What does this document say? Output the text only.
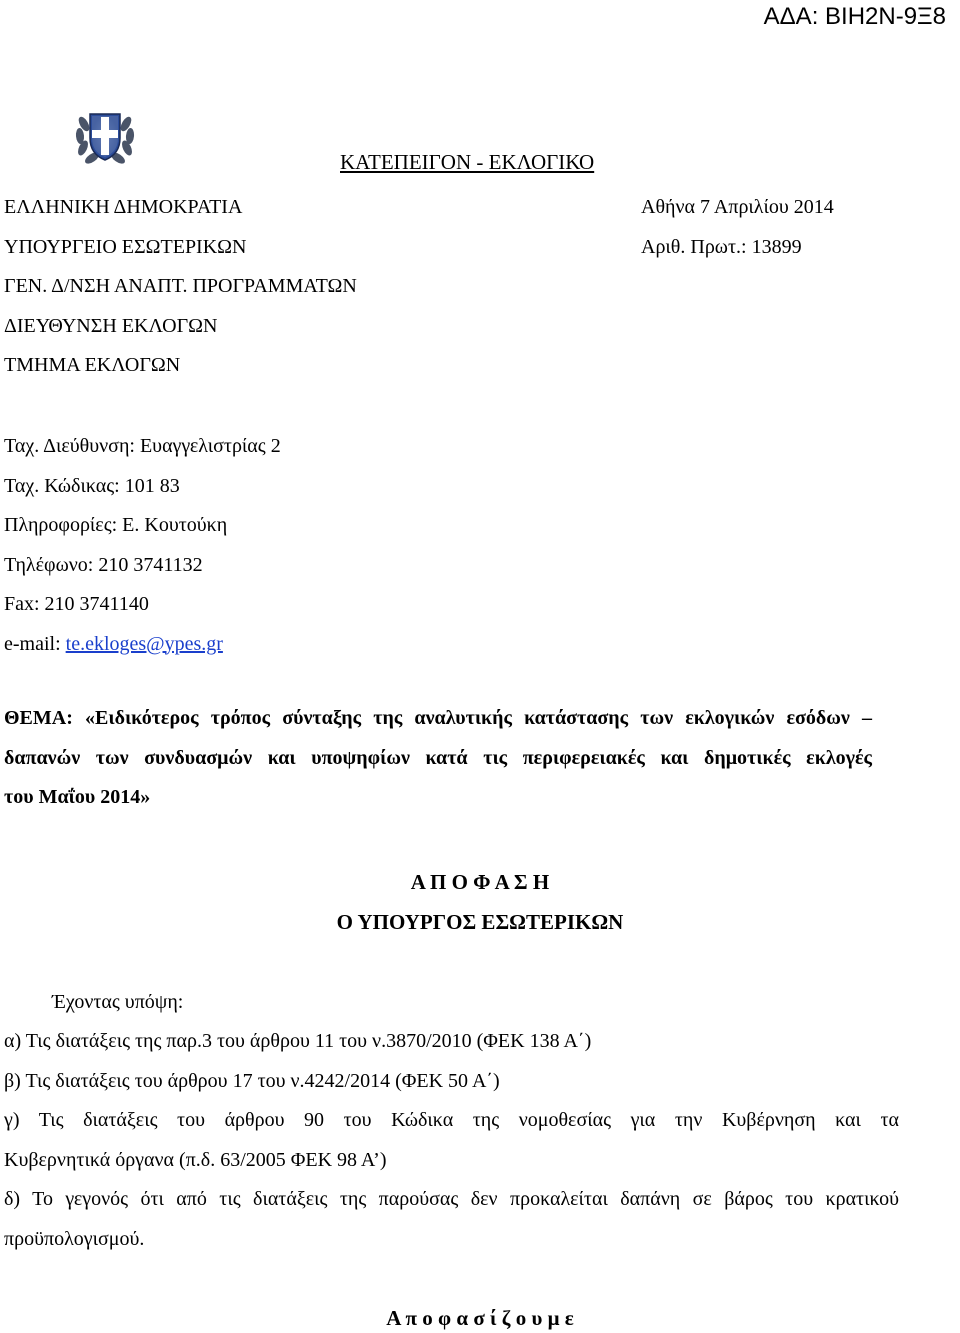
ΑΔΑ: ΒΙΗ2Ν-9Ξ8
ΚΑΤΕΠΕΙΓΟΝ - ΕΚΛΟΓΙΚΟ
ΕΛΛΗΝΙΚΗ ΔΗΜΟΚΡΑΤΙΑ
ΥΠΟΥΡΓΕΙΟ ΕΣΩΤΕΡΙΚΩΝ
ΓΕΝ. Δ/ΝΣΗ ΑΝΑΠΤ. ΠΡΟΓΡΑΜΜΑΤΩΝ
ΔΙΕΥΘΥΝΣΗ ΕΚΛΟΓΩΝ
ΤΜΗΜΑ ΕΚΛΟΓΩΝ
Αθήνα 7 Απριλίου 2014
Αριθ. Πρωτ.: 13899
Ταχ. Διεύθυνση: Ευαγγελιστρίας 2
Ταχ. Κώδικας: 101 83
Πληροφορίες: Ε. Κουτούκη
Τηλέφωνο: 210 3741132
Fax: 210 3741140
e-mail: te.ekloges@ypes.gr

ΘΕΜΑ: «Ειδικότερος τρόπος σύνταξης της αναλυτικής κατάστασης των εκλογικών εσόδων –

δαπανών των συνδυασμών και υποψηφίων κατά τις περιφερειακές και δημοτικές εκλογές

του Μαΐου 2014»

Α Π Ο Φ Α Σ Η
Ο ΥΠΟΥΡΓΟΣ ΕΣΩΤΕΡΙΚΩΝ
Έχοντας υπόψη:

α) Τις διατάξεις της παρ.3 του άρθρου 11 του ν.3870/2010 (ΦΕΚ 138 Α΄)

β) Τις διατάξεις του άρθρου 17 του ν.4242/2014 (ΦΕΚ 50 Α΄)

γ) Τις διατάξεις του άρθρου 90 του Κώδικα της νομοθεσίας για την Κυβέρνηση και τα

Κυβερνητικά όργανα (π.δ. 63/2005 ΦΕΚ 98 Α’)

δ) Το γεγονός ότι από τις διατάξεις της παρούσας δεν προκαλείται δαπάνη σε βάρος του κρατικού

προϋπολογισμού.

Α π ο φ α σ ί ζ ο υ μ ε
